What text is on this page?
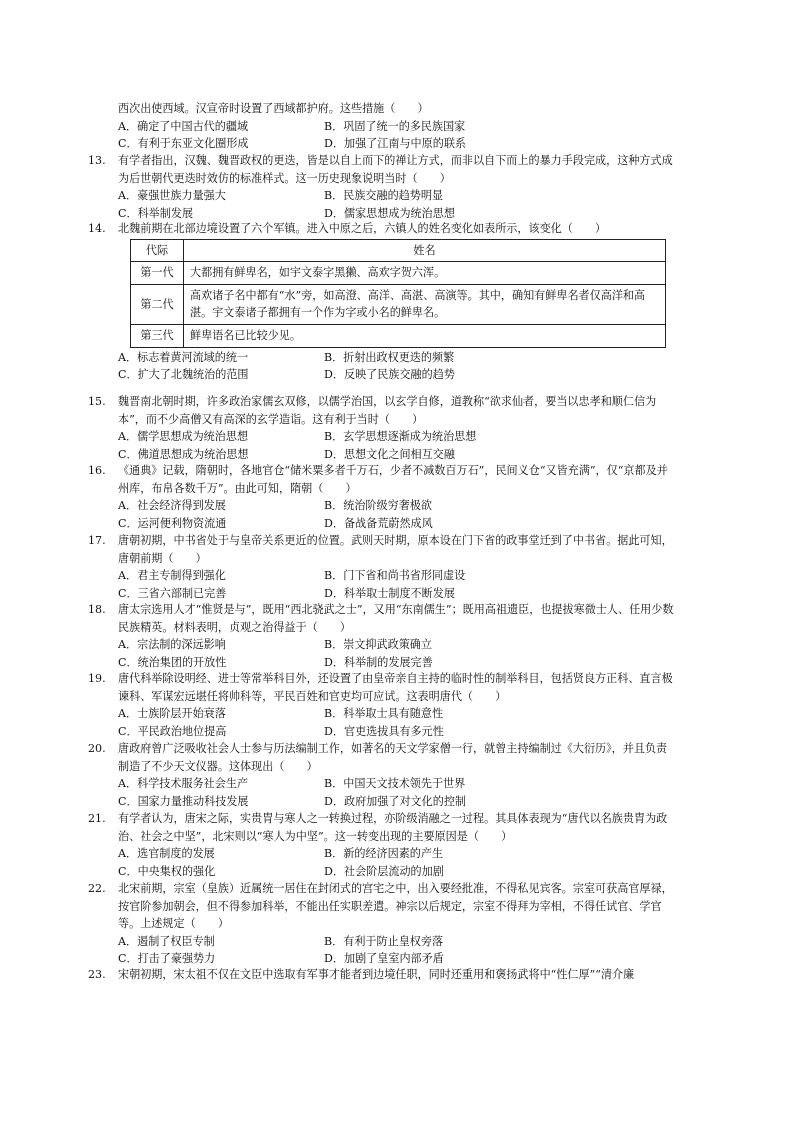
西次出使西域。汉宣帝时设置了西域都护府。这些措施（　　）

A．确定了中国古代的疆域	B．巩固了统一的多民族国家
C．有利于东亚文化圈形成	D．加强了江南与中原的联系

13. 有学者指出，汉魏、魏晋政权的更迭，皆是以自上而下的禅让方式，而非以自下而上的暴力手段完成，这种方式成为后世朝代更迭时效仿的标准样式。这一历史现象说明当时（　　）

A．豪强世族力量强大	B．民族交融的趋势明显
C．科举制发展	D．儒家思想成为统治思想

14. 北魏前期在北部边境设置了六个军镇。进入中原之后，六镇人的姓名变化如表所示，该变化（　　）

代际	姓名
第一代	大都拥有鲜卑名，如宇文泰字黑獭、高欢字贺六浑。
第二代	高欢诸子名中都有“水”旁，如高澄、高洋、高湛、高演等。其中，确知有鲜卑名者仅高洋和高湛。宇文泰诸子都拥有一个作为字或小名的鲜卑名。
第三代	鲜卑语名已比较少见。
A．标志着黄河流域的统一	B．折射出政权更迭的频繁
C．扩大了北魏统治的范围	D．反映了民族交融的趋势

15. 魏晋南北朝时期，许多政治家儒玄双修，以儒学治国，以玄学自修，道教称“欲求仙者，要当以忠孝和顺仁信为本”，而不少高僧又有高深的玄学造诣。这有利于当时（　　）

A．儒学思想成为统治思想	B．玄学思想逐渐成为统治思想
C．佛道思想成为统治思想	D．思想文化之间相互交融

16. 《通典》记载，隋朝时，各地官仓“储米粟多者千万石，少者不减数百万石”，民间义仓“又皆充满”，仅“京都及并州库，布帛各数千万”。由此可知，隋朝（　　）

A．社会经济得到发展	B．统治阶级穷奢极欲
C．运河便利物资流通	D．备战备荒蔚然成风

17. 唐朝初期，中书省处于与皇帝关系更近的位置。武则天时期，原本设在门下省的政事堂迁到了中书省。据此可知，唐朝前期（　　）

A．君主专制得到强化	B．门下省和尚书省形同虚设
C．三省六部制已完善	D．科举取士制度不断发展

18. 唐太宗选用人才“惟贤是与”，既用“西北骁武之士”，又用“东南儒生”；既用高祖遗臣，也提拔寒微士人、任用少数民族精英。材料表明，贞观之治得益于（　　）

A．宗法制的深远影响	B．崇文抑武政策确立
C．统治集团的开放性	D．科举制的发展完善

19. 唐代科举除设明经、进士等常举科目外，还设置了由皇帝亲自主持的临时性的制举科目，包括贤良方正科、直言极谏科、军谋宏远堪任将帅科等，平民百姓和官吏均可应试。这表明唐代（　　）

A．士族阶层开始衰落	B．科举取士具有随意性
C．平民政治地位提高	D．官吏选拔具有多元性

20. 唐政府曾广泛吸收社会人士参与历法编制工作，如著名的天文学家僧一行，就曾主持编制过《大衍历》，并且负责制造了不少天文仪器。这体现出（　　）

A．科学技术服务社会生产	B．中国天文技术领先于世界
C．国家力量推动科技发展	D．政府加强了对文化的控制

21. 有学者认为，唐宋之际，实贵胄与寒人之一转换过程，亦阶级消融之一过程。其具体表现为“唐代以名族贵胄为政治、社会之中坚”，北宋则以“寒人为中坚”。这一转变出现的主要原因是（　　）

A．选官制度的发展	B．新的经济因素的产生
C．中央集权的强化	D．社会阶层流动的加剧

22. 北宋前期，宗室（皇族）近属统一居住在封闭式的宫宅之中，出入要经批准，不得私见宾客。宗室可获高官厚禄，按官阶参加朝会，但不得参加科举，不能出任实职差遣。神宗以后规定，宗室不得拜为宰相，不得任试官、学官等。上述规定（　　）

A．遏制了权臣专制	B．有利于防止皇权旁落
C．打击了豪强势力	D．加剧了皇室内部矛盾

23. 宋朝初期，宋太祖不仅在文臣中选取有军事才能者到边境任职，同时还重用和褒扬武将中“性仁厚”“清介廉
